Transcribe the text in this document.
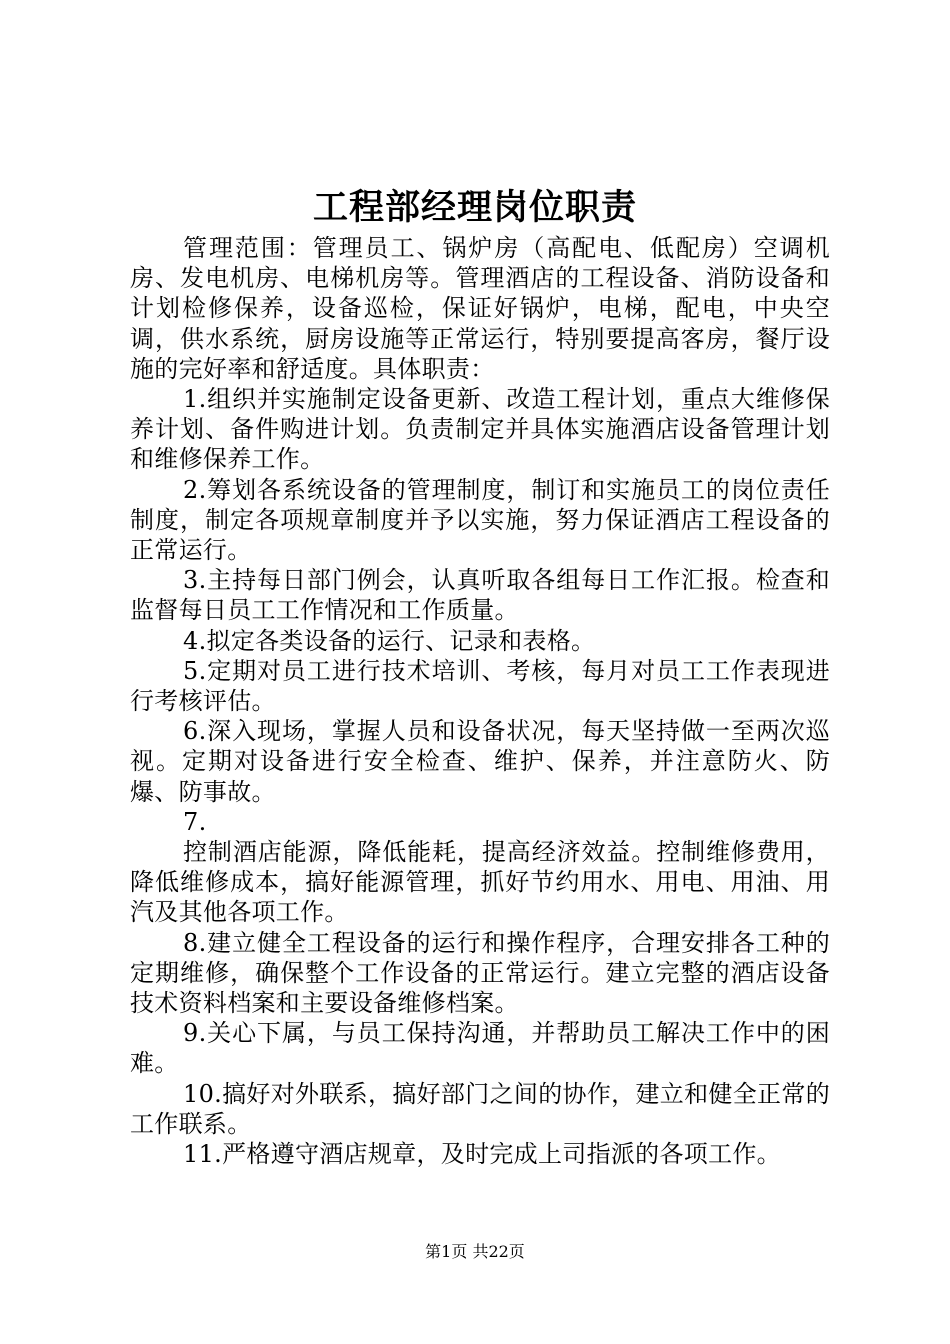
工程部经理岗位职责

管理范围：管理员工、锅炉房（高配电、低配房）空调机房、发电机房、电梯机房等。管理酒店的工程设备、消防设备和计划检修保养，设备巡检，保证好锅炉，电梯，配电，中央空调，供水系统，厨房设施等正常运行，特别要提高客房，餐厅设施的完好率和舒适度。具体职责：

1.组织并实施制定设备更新、改造工程计划，重点大维修保养计划、备件购进计划。负责制定并具体实施酒店设备管理计划和维修保养工作。

2.筹划各系统设备的管理制度，制订和实施员工的岗位责任制度，制定各项规章制度并予以实施，努力保证酒店工程设备的正常运行。

3.主持每日部门例会，认真听取各组每日工作汇报。检查和监督每日员工工作情况和工作质量。

4.拟定各类设备的运行、记录和表格。

5.定期对员工进行技术培训、考核，每月对员工工作表现进行考核评估。

6.深入现场，掌握人员和设备状况，每天坚持做一至两次巡视。定期对设备进行安全检查、维护、保养，并注意防火、防爆、防事故。

7.

控制酒店能源，降低能耗，提高经济效益。控制维修费用，降低维修成本，搞好能源管理，抓好节约用水、用电、用油、用汽及其他各项工作。

8.建立健全工程设备的运行和操作程序，合理安排各工种的定期维修，确保整个工作设备的正常运行。建立完整的酒店设备技术资料档案和主要设备维修档案。

9.关心下属，与员工保持沟通，并帮助员工解决工作中的困难。

10.搞好对外联系，搞好部门之间的协作，建立和健全正常的工作联系。

11.严格遵守酒店规章，及时完成上司指派的各项工作。

第1页 共22页
